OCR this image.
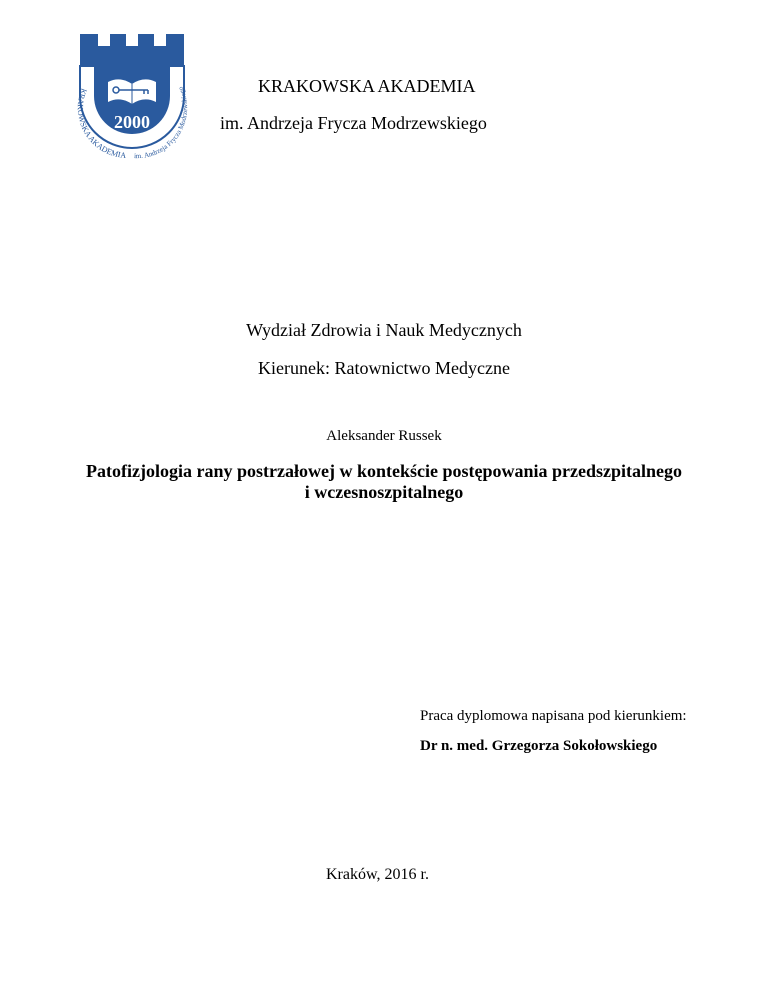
2000
KRAKOWSKA AKADEMIA im. Andrzeja Frycza Modrzewskiego	KRAKOWSKA AKADEMIA
im. Andrzeja Frycza Modrzewskiego
Wydział Zdrowia i Nauk Medycznych
Kierunek: Ratownictwo Medyczne
Aleksander Russek
Patofizjologia rany postrzałowej w kontekście postępowania przedszpitalnego
i wczesnoszpitalnego
Praca dyplomowa napisana pod kierunkiem:
Dr n. med. Grzegorza Sokołowskiego
Kraków, 2016 r.
